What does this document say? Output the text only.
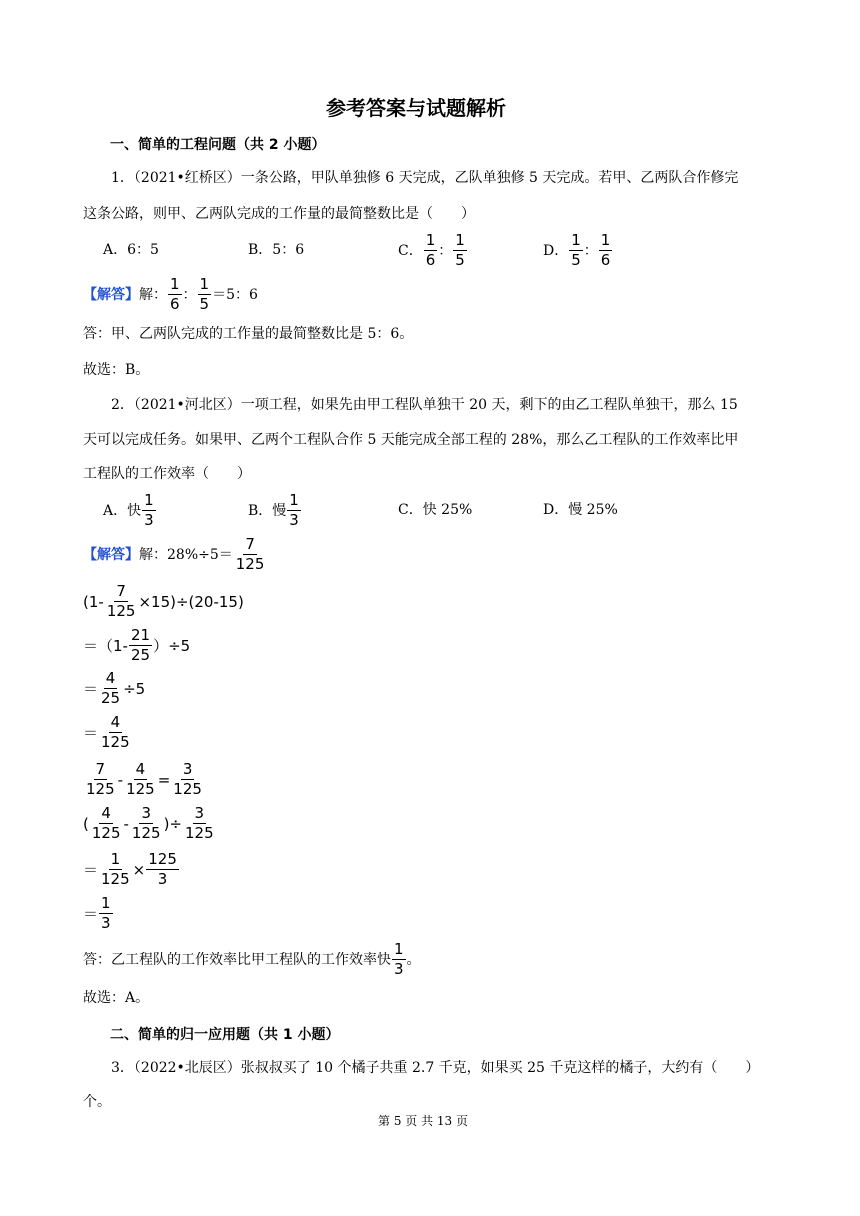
参考答案与试题解析
一、简单的工程问题（共 2 小题）
1．（2021•红桥区）一条公路，甲队单独修 6 天完成，乙队单独修 5 天完成。若甲、乙两队合作修完
这条公路，则甲、乙两队完成的工作量的最简整数比是（　　）
A．6：5	B．5：6	C． $\frac{1}{6}$ ： $\frac{1}{5}$	D． $\frac{1}{5}$ ： $\frac{1}{6}$
【解答】 解： $\frac{1}{6}$ ： $\frac{1}{5} =5$：6
答：甲、乙两队完成的工作量的最简整数比是 5：6。
故选：B。
2．（2021•河北区）一项工程，如果先由甲工程队单独干 20 天，剩下的由乙工程队单独干，那么 15
天可以完成任务。如果甲、乙两个工程队合作 5 天能完成全部工程的 28%，那么乙工程队的工作效率比甲
工程队的工作效率（　　）
A．快 $\frac{1}{3}$	B．慢 $\frac{1}{3}$	C．快 25%	D．慢 25%
【解答】 解：$28\%\div 5= \frac{7}{125}$
$(1- \frac{7}{125} \times 15)\div(20-15)$
$=(1- \frac{21}{25} )\div 5$
＝ $\frac{4}{25} \div 5$
＝ $\frac{4}{125}$
$\frac{7}{125} - \frac{4}{125} = \frac{3}{125}$
( $\frac{4}{125} - \frac{3}{125}$ )÷ $\frac{3}{125}$
＝ $\frac{1}{125} \times \frac{125}{3}$
＝ $\frac{1}{3}$
答：乙工程队的工作效率比甲工程队的工作效率快 $\frac{1}{3}$ 。
故选：A。
二、简单的归一应用题（共 1 小题）
3．（2022•北辰区）张叔叔买了 10 个橘子共重 2.7 千克，如果买 25 千克这样的橘子，大约有（　　）
个。
第 5 页 共 13 页
